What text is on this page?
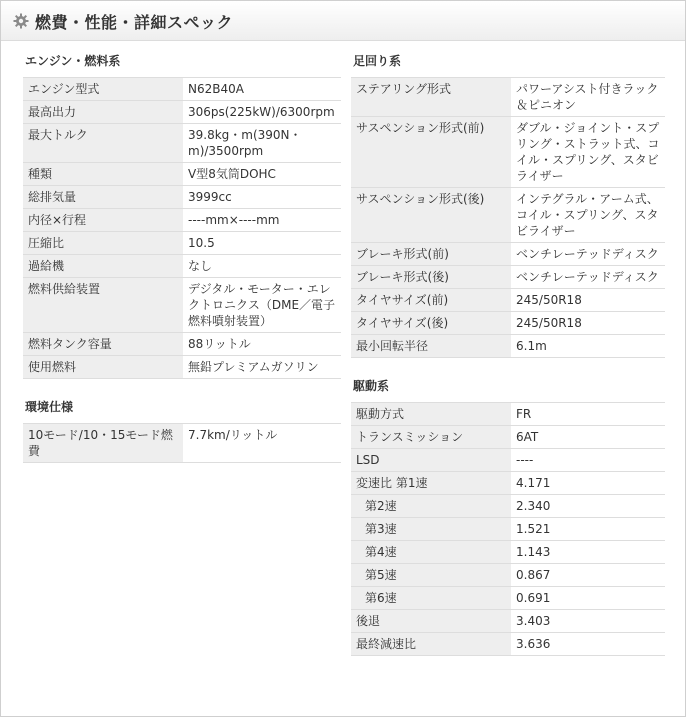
燃費・性能・詳細スペック
エンジン・燃料系
エンジン型式	N62B40A
最高出力	306ps(225kW)/6300rpm
最大トルク	39.8kg・m(390N・m)/3500rpm
種類	V型8気筒DOHC
総排気量	3999cc
内径×行程	----mm×----mm
圧縮比	10.5
過給機	なし
燃料供給装置	デジタル・モーター・エレクトロニクス（DME／電子燃料噴射装置）
燃料タンク容量	88リットル
使用燃料	無鉛プレミアムガソリン
環境仕様
10モード/10・15モード燃費	7.7km/リットル
足回り系
ステアリング形式	パワーアシスト付きラック＆ピニオン
サスペンション形式(前)	ダブル・ジョイント・スプリング・ストラット式、コイル・スプリング、スタビライザー
サスペンション形式(後)	インテグラル・アーム式、コイル・スプリング、スタビライザー
ブレーキ形式(前)	ベンチレーテッドディスク
ブレーキ形式(後)	ベンチレーテッドディスク
タイヤサイズ(前)	245/50R18
タイヤサイズ(後)	245/50R18
最小回転半径	6.1m
駆動系
駆動方式	FR
トランスミッション	6AT
LSD	----
変速比 第1速	4.171
第2速	2.340
第3速	1.521
第4速	1.143
第5速	0.867
第6速	0.691
後退	3.403
最終減速比	3.636
